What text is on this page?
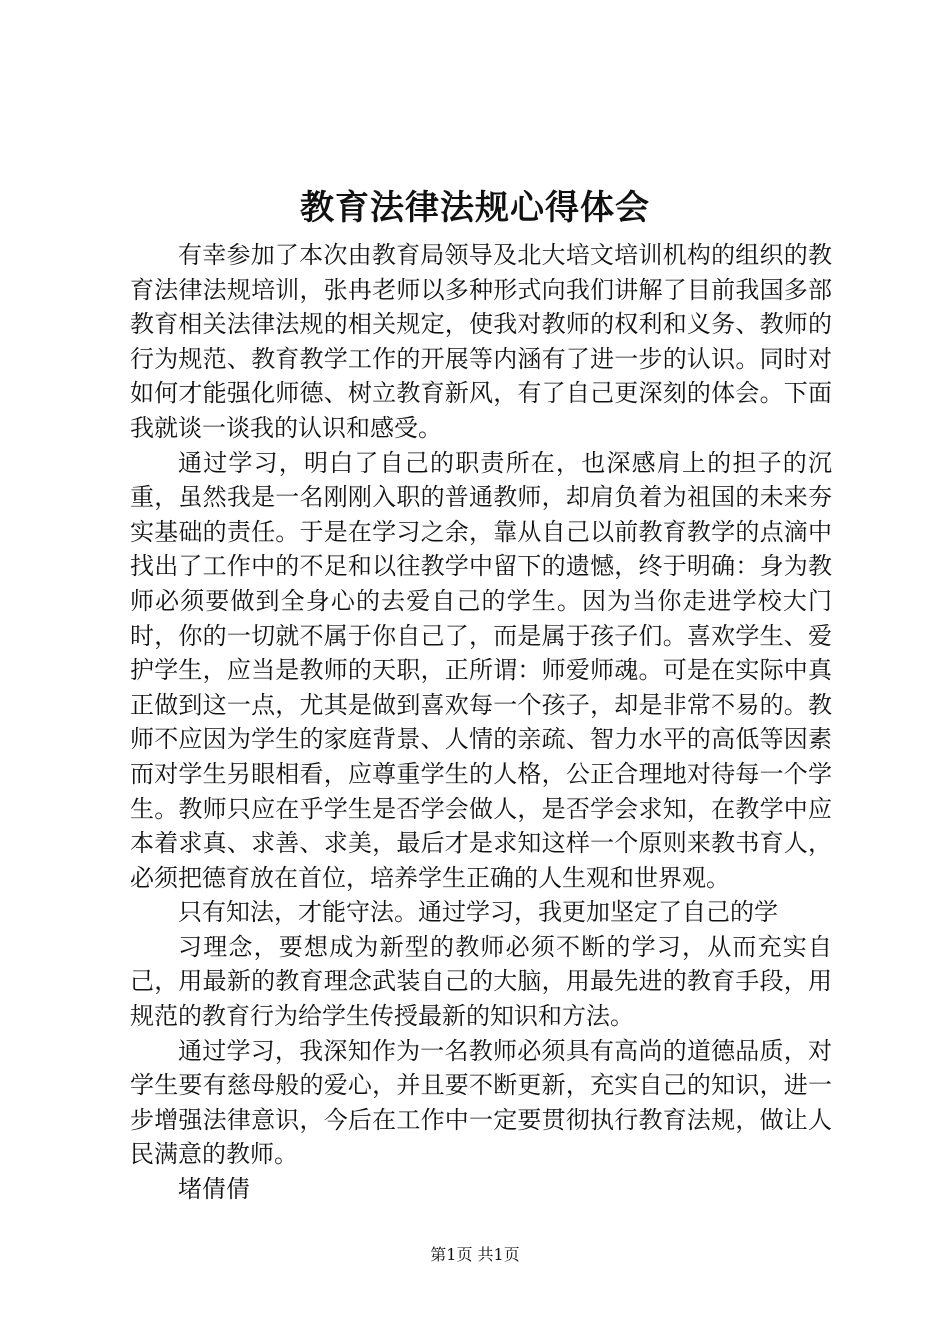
教育法律法规心得体会

有幸参加了本次由教育局领导及北大培文培训机构的组织的教育法律法规培训，张冉老师以多种形式向我们讲解了目前我国多部教育相关法律法规的相关规定，使我对教师的权利和义务、教师的行为规范、教育教学工作的开展等内涵有了进一步的认识。同时对如何才能强化师德、树立教育新风，有了自己更深刻的体会。下面我就谈一谈我的认识和感受。

通过学习，明白了自己的职责所在，也深感肩上的担子的沉重，虽然我是一名刚刚入职的普通教师，却肩负着为祖国的未来夯实基础的责任。于是在学习之余，靠从自己以前教育教学的点滴中找出了工作中的不足和以往教学中留下的遗憾，终于明确：身为教师必须要做到全身心的去爱自己的学生。因为当你走进学校大门时，你的一切就不属于你自己了，而是属于孩子们。喜欢学生、爱护学生，应当是教师的天职，正所谓：师爱师魂。可是在实际中真正做到这一点，尤其是做到喜欢每一个孩子，却是非常不易的。教师不应因为学生的家庭背景、人情的亲疏、智力水平的高低等因素而对学生另眼相看，应尊重学生的人格，公正合理地对待每一个学生。教师只应在乎学生是否学会做人，是否学会求知，在教学中应本着求真、求善、求美，最后才是求知这样一个原则来教书育人，必须把德育放在首位，培养学生正确的人生观和世界观。

只有知法，才能守法。通过学习，我更加坚定了自己的学

习理念，要想成为新型的教师必须不断的学习，从而充实自己，用最新的教育理念武装自己的大脑，用最先进的教育手段，用规范的教育行为给学生传授最新的知识和方法。

通过学习，我深知作为一名教师必须具有高尚的道德品质，对学生要有慈母般的爱心，并且要不断更新，充实自己的知识，进一步增强法律意识，今后在工作中一定要贯彻执行教育法规，做让人民满意的教师。

堵倩倩

第1页 共1页
